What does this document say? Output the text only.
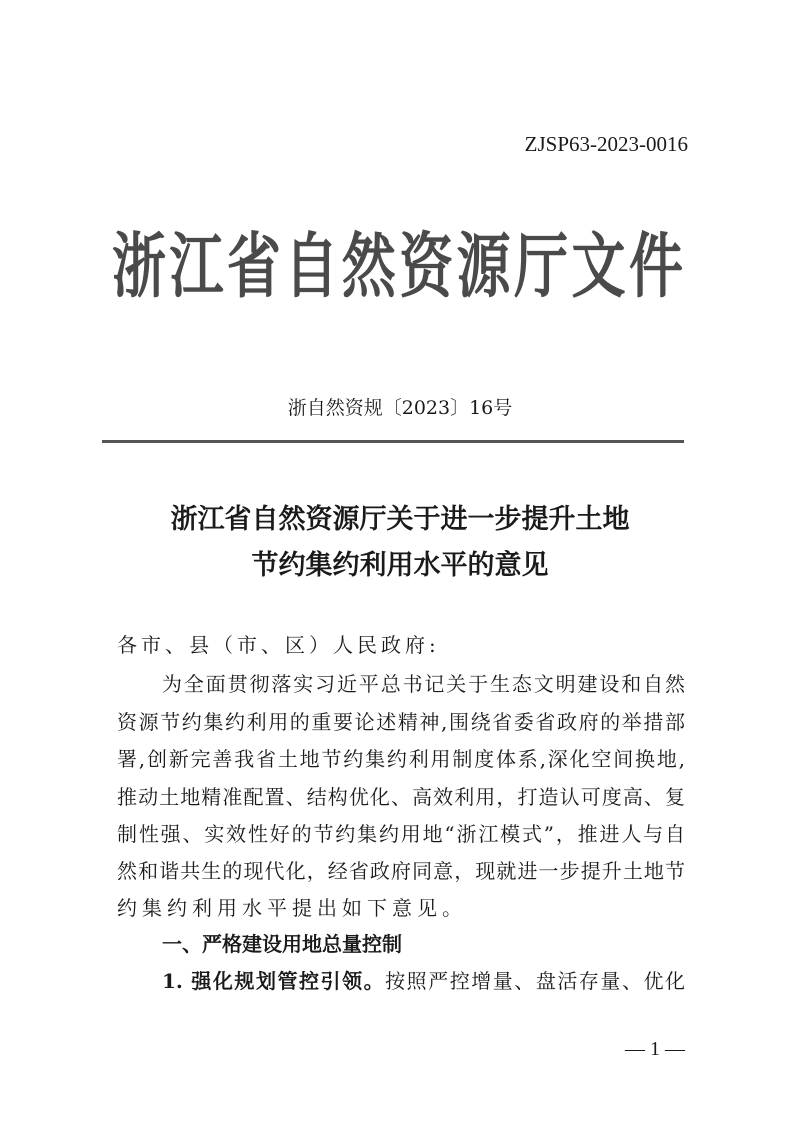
ZJSP63-2023-0016
浙江省自然资源厅文件
浙自然资规〔2023〕16号
浙江省自然资源厅关于进一步提升土地
节约集约利用水平的意见
各市、县（市、区）人民政府:
为全面贯彻落实习近平总书记关于生态文明建设和自然
资源节约集约利用的重要论述精神,围绕省委省政府的举措部
署,创新完善我省土地节约集约利用制度体系,深化空间换地,
推动土地精准配置、结构优化、高效利用，打造认可度高、复
制性强、实效性好的节约集约用地“浙江模式”，推进人与自
然和谐共生的现代化，经省政府同意，现就进一步提升土地节
约集约利用水平提出如下意见。
一、严格建设用地总量控制
1. 强化规划管控引领。按照严控增量、盘活存量、优化
— 1 —
